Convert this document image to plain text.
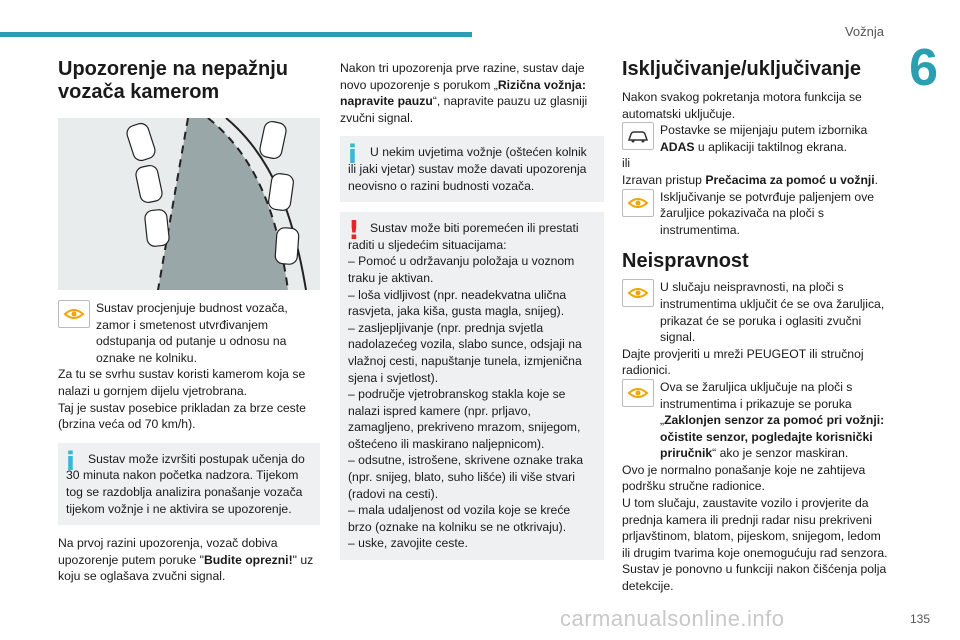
Vožnja
6
Upozorenje na nepažnju vozača kamerom

Sustav procjenjuje budnost vozača, zamor i smetenost utvrđivanjem odstupanja od putanje u odnosu na oznake ne kolniku.

Za tu se svrhu sustav koristi kamerom koja se nalazi u gornjem dijelu vjetrobrana.

Taj je sustav posebice prikladan za brze ceste (brzina veća od 70 km/h).

i	Sustav može izvršiti postupak učenja do 30 minuta nakon početka nadzora. Tijekom tog se razdoblja analizira ponašanje vozača tijekom vožnje i ne aktivira se upozorenje.

Na prvoj razini upozorenja, vozač dobiva upozorenje putem poruke "Budite oprezni!" uz koju se oglašava zvučni signal.

Nakon tri upozorenja prve razine, sustav daje novo upozorenje s porukom „Rizična vožnja: napravite pauzu“, napravite pauzu uz glasniji zvučni signal.

i	U nekim uvjetima vožnje (oštećen kolnik ili jaki vjetar) sustav može davati upozorenja neovisno o razini budnosti vozača.

! Sustav može biti poremećen ili prestati raditi u sljedećim situacijama:

– Pomoć u održavanju položaja u voznom traku je aktivan.

– loša vidljivost (npr. neadekvatna ulična rasvjeta, jaka kiša, gusta magla, snijeg).

– zasljepljivanje (npr. prednja svjetla nadolazećeg vozila, slabo sunce, odsjaji na vlažnoj cesti, napuštanje tunela, izmjenična sjena i svjetlost).

– područje vjetrobranskog stakla koje se nalazi ispred kamere (npr. prljavo, zamagljeno, prekriveno mrazom, snijegom, oštećeno ili maskirano naljepnicom).

– odsutne, istrošene, skrivene oznake traka (npr. snijeg, blato, suho lišće) ili više stvari (radovi na cesti).

– mala udaljenost od vozila koje se kreće brzo (oznake na kolniku se ne otkrivaju).

– uske, zavojite ceste.

Isključivanje/uključivanje

Nakon svakog pokretanja motora funkcija se automatski uključuje.

Postavke se mijenjaju putem izbornika ADAS u aplikaciji taktilnog ekrana.

ili

Izravan pristup Prečacima za pomoć u vožnji.

Isključivanje se potvrđuje paljenjem ove žaruljice pokazivača na ploči s instrumentima.

Neispravnost

U slučaju neispravnosti, na ploči s instrumentima uključit će se ova žaruljica, prikazat će se poruka i oglasiti zvučni signal.

Dajte provjeriti u mreži PEUGEOT ili stručnoj radionici.

Ova se žaruljica uključuje na ploči s instrumentima i prikazuje se poruka „Zaklonjen senzor za pomoć pri vožnji: očistite senzor, pogledajte korisnički priručnik“ ako je senzor maskiran.

Ovo je normalno ponašanje koje ne zahtijeva podršku stručne radionice.

U tom slučaju, zaustavite vozilo i provjerite da prednja kamera ili prednji radar nisu prekriveni prljavštinom, blatom, pijeskom, snijegom, ledom ili drugim tvarima koje onemogućuju rad senzora.

Sustav je ponovno u funkciji nakon čišćenja polja detekcije.

carmanualsonline.info	135
